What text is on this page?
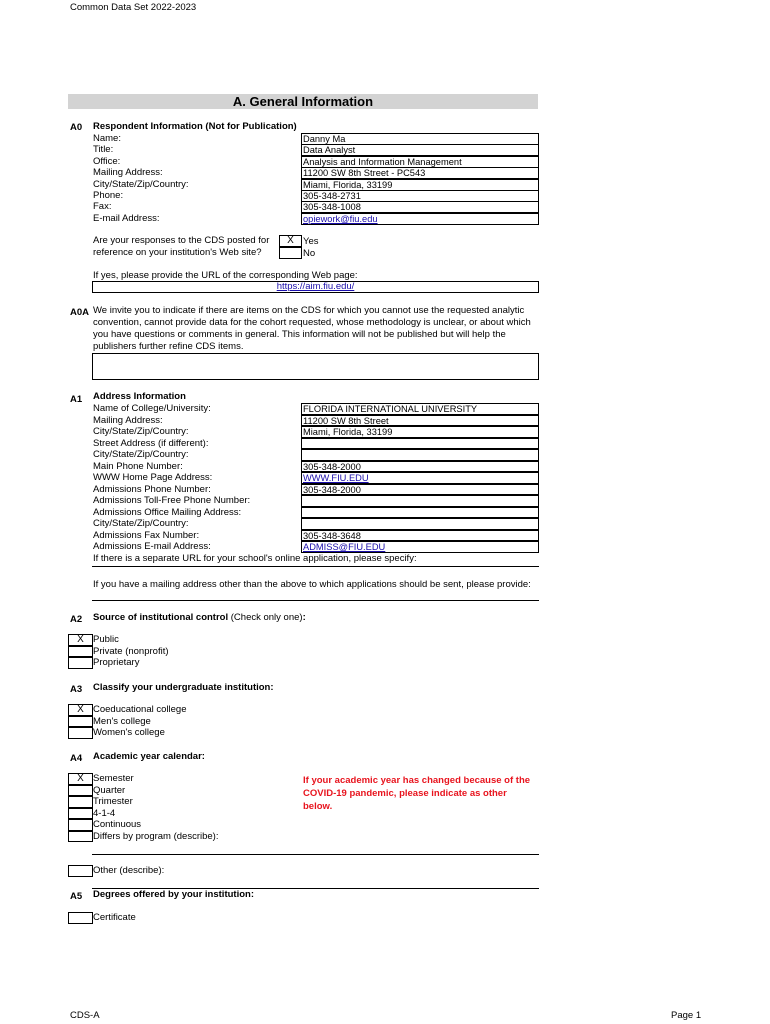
Common Data Set 2022-2023
A. General Information
A0 Respondent Information (Not for Publication)
Name:	Danny Ma
Title:	Data Analyst
Office:	Analysis and Information Management
Mailing Address:	11200 SW 8th Street - PC543
City/State/Zip/Country:	Miami, Florida, 33199
Phone:	305-348-2731
Fax:	305-348-1008
E-mail Address:	opiework@fiu.edu
Are your responses to the CDS posted for
reference on your institution's Web site?
X Yes
No
If yes, please provide the URL of the corresponding Web page:
https://aim.fiu.edu/
A0A We invite you to indicate if there are items on the CDS for which you cannot use the requested analytic
convention, cannot provide data for the cohort requested, whose methodology is unclear, or about which
you have questions or comments in general. This information will not be published but will help the
publishers further refine CDS items.
A1 Address Information
Name of College/University:	FLORIDA INTERNATIONAL UNIVERSITY
Mailing Address:	11200 SW 8th Street
City/State/Zip/Country:	Miami, Florida, 33199
Street Address (if different):
City/State/Zip/Country:
Main Phone Number:	305-348-2000
WWW Home Page Address:	WWW.FIU.EDU
Admissions Phone Number:	305-348-2000
Admissions Toll-Free Phone Number:
Admissions Office Mailing Address:
City/State/Zip/Country:
Admissions Fax Number:	305-348-3648
Admissions E-mail Address:	ADMISS@FIU.EDU
If there is a separate URL for your school's online application, please specify:
If you have a mailing address other than the above to which applications should be sent, please provide:
A2 Source of institutional control (Check only one):
X Public
Private (nonprofit)
Proprietary
A3 Classify your undergraduate institution:
X Coeducational college
Men's college
Women's college
A4 Academic year calendar:
X Semester
Quarter
Trimester
4-1-4
Continuous
Differs by program (describe):
If your academic year has changed because of the
COVID-19 pandemic, please indicate as other
below.
Other (describe):
A5 Degrees offered by your institution:
Certificate
CDS-A	Page 1
